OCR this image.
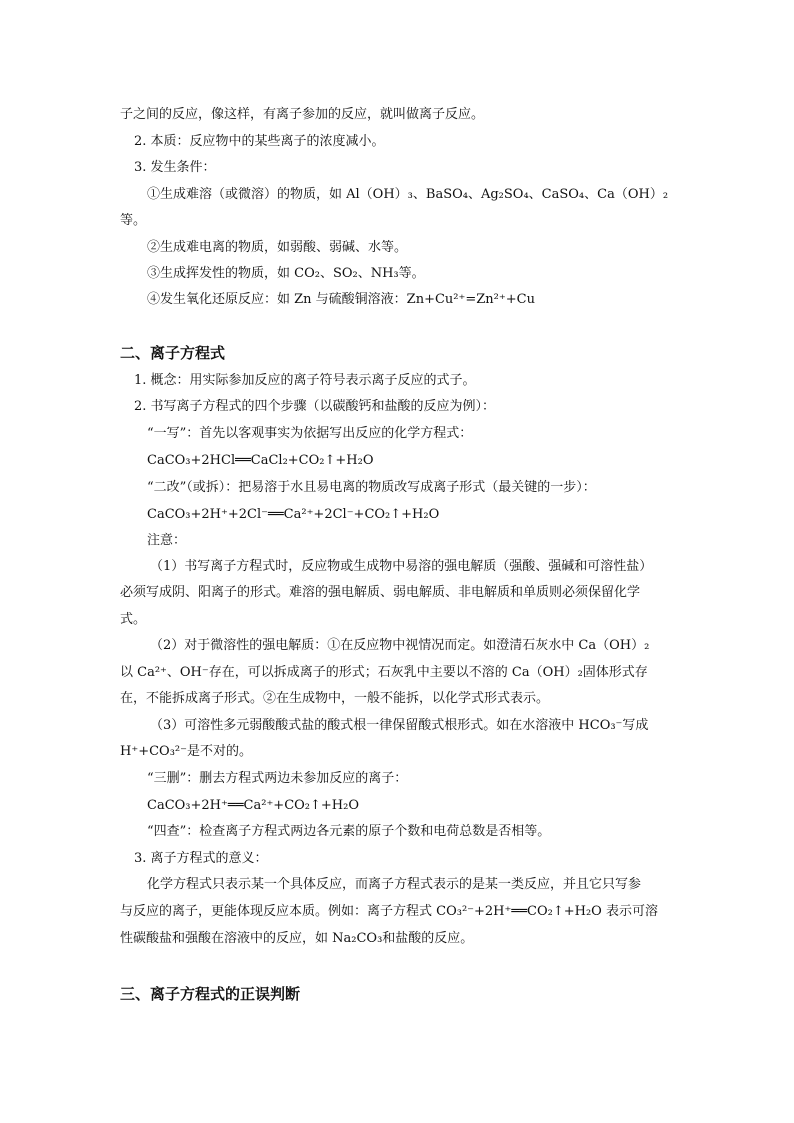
子之间的反应，像这样，有离子参加的反应，就叫做离子反应。
2. 本质：反应物中的某些离子的浓度减小。
3. 发生条件：
①生成难溶（或微溶）的物质，如 Al（OH）₃、BaSO₄、Ag₂SO₄、CaSO₄、Ca（OH）₂
等。
②生成难电离的物质，如弱酸、弱碱、水等。
③生成挥发性的物质，如 CO₂、SO₂、NH₃等。
④发生氧化还原反应：如 Zn 与硫酸铜溶液：Zn+Cu²⁺=Zn²⁺+Cu
二、离子方程式
1. 概念：用实际参加反应的离子符号表示离子反应的式子。
2. 书写离子方程式的四个步骤（以碳酸钙和盐酸的反应为例）：
“一写”：首先以客观事实为依据写出反应的化学方程式：
CaCO₃+2HCl══CaCl₂+CO₂↑+H₂O
“二改”（或拆）：把易溶于水且易电离的物质改写成离子形式（最关键的一步）：
CaCO₃+2H⁺+2Cl⁻══Ca²⁺+2Cl⁻+CO₂↑+H₂O
注意：
（1）书写离子方程式时，反应物或生成物中易溶的强电解质（强酸、强碱和可溶性盐）
必须写成阴、阳离子的形式。难溶的强电解质、弱电解质、非电解质和单质则必须保留化学
式。
（2）对于微溶性的强电解质：①在反应物中视情况而定。如澄清石灰水中 Ca（OH）₂
以 Ca²⁺、OH⁻存在，可以拆成离子的形式；石灰乳中主要以不溶的 Ca（OH）₂固体形式存
在，不能拆成离子形式。②在生成物中，一般不能拆，以化学式形式表示。
（3）可溶性多元弱酸酸式盐的酸式根一律保留酸式根形式。如在水溶液中 HCO₃⁻写成
H⁺+CO₃²⁻是不对的。
“三删”：删去方程式两边未参加反应的离子：
CaCO₃+2H⁺══Ca²⁺+CO₂↑+H₂O
“四查”：检查离子方程式两边各元素的原子个数和电荷总数是否相等。
3. 离子方程式的意义：
化学方程式只表示某一个具体反应，而离子方程式表示的是某一类反应，并且它只写参
与反应的离子，更能体现反应本质。例如：离子方程式 CO₃²⁻+2H⁺══CO₂↑+H₂O 表示可溶
性碳酸盐和强酸在溶液中的反应，如 Na₂CO₃和盐酸的反应。
三、离子方程式的正误判断
